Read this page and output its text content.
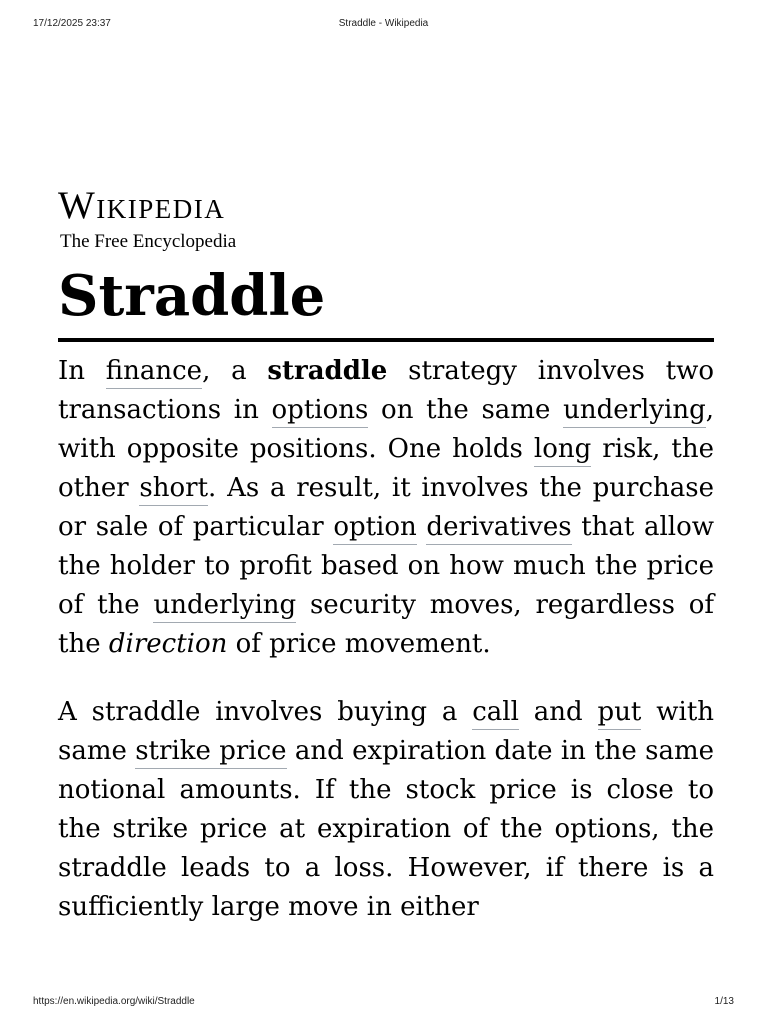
17/12/2025 23:37	Straddle - Wikipedia
Wikipedia
The Free Encyclopedia
Straddle

In finance, a straddle strategy involves two transactions in options on the same underlying, with opposite positions. One holds long risk, the other short. As a result, it involves the purchase or sale of particular option derivatives that allow the holder to profit based on how much the price of the underlying security moves, regardless of the direction of price movement.

A straddle involves buying a call and put with same strike price and expiration date in the same notional amounts. If the stock price is close to the strike price at expiration of the options, the straddle leads to a loss. However, if there is a sufficiently large move in either

https://en.wikipedia.org/wiki/Straddle	1/13
